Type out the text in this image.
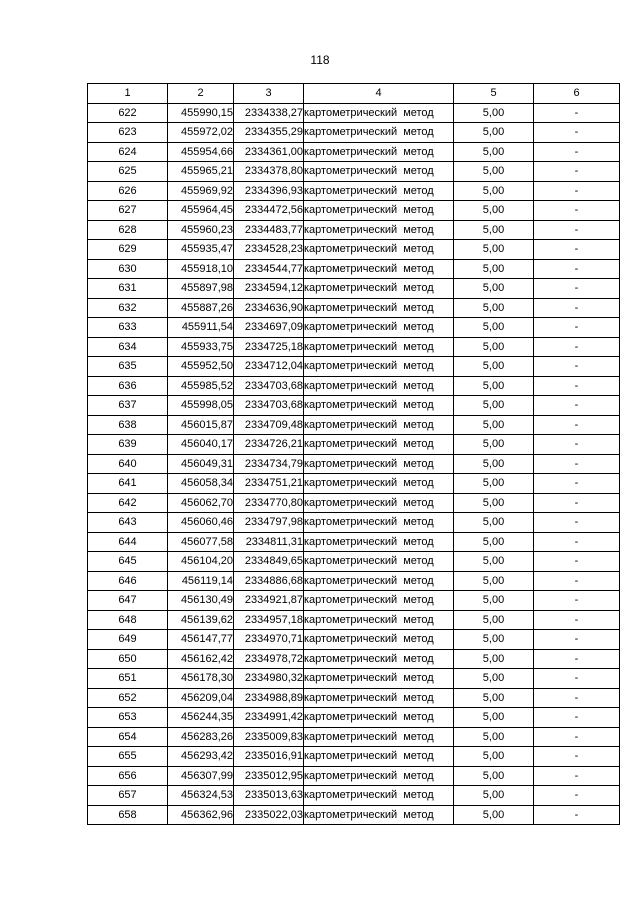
118
1	2	3	4	5	6
622	455990,15	2334338,27	картометрический метод	5,00	-
623	455972,02	2334355,29	картометрический метод	5,00	-
624	455954,66	2334361,00	картометрический метод	5,00	-
625	455965,21	2334378,80	картометрический метод	5,00	-
626	455969,92	2334396,93	картометрический метод	5,00	-
627	455964,45	2334472,56	картометрический метод	5,00	-
628	455960,23	2334483,77	картометрический метод	5,00	-
629	455935,47	2334528,23	картометрический метод	5,00	-
630	455918,10	2334544,77	картометрический метод	5,00	-
631	455897,98	2334594,12	картометрический метод	5,00	-
632	455887,26	2334636,90	картометрический метод	5,00	-
633	455911,54	2334697,09	картометрический метод	5,00	-
634	455933,75	2334725,18	картометрический метод	5,00	-
635	455952,50	2334712,04	картометрический метод	5,00	-
636	455985,52	2334703,68	картометрический метод	5,00	-
637	455998,05	2334703,68	картометрический метод	5,00	-
638	456015,87	2334709,48	картометрический метод	5,00	-
639	456040,17	2334726,21	картометрический метод	5,00	-
640	456049,31	2334734,79	картометрический метод	5,00	-
641	456058,34	2334751,21	картометрический метод	5,00	-
642	456062,70	2334770,80	картометрический метод	5,00	-
643	456060,46	2334797,98	картометрический метод	5,00	-
644	456077,58	2334811,31	картометрический метод	5,00	-
645	456104,20	2334849,65	картометрический метод	5,00	-
646	456119,14	2334886,68	картометрический метод	5,00	-
647	456130,49	2334921,87	картометрический метод	5,00	-
648	456139,62	2334957,18	картометрический метод	5,00	-
649	456147,77	2334970,71	картометрический метод	5,00	-
650	456162,42	2334978,72	картометрический метод	5,00	-
651	456178,30	2334980,32	картометрический метод	5,00	-
652	456209,04	2334988,89	картометрический метод	5,00	-
653	456244,35	2334991,42	картометрический метод	5,00	-
654	456283,26	2335009,83	картометрический метод	5,00	-
655	456293,42	2335016,91	картометрический метод	5,00	-
656	456307,99	2335012,95	картометрический метод	5,00	-
657	456324,53	2335013,63	картометрический метод	5,00	-
658	456362,96	2335022,03	картометрический метод	5,00	-
